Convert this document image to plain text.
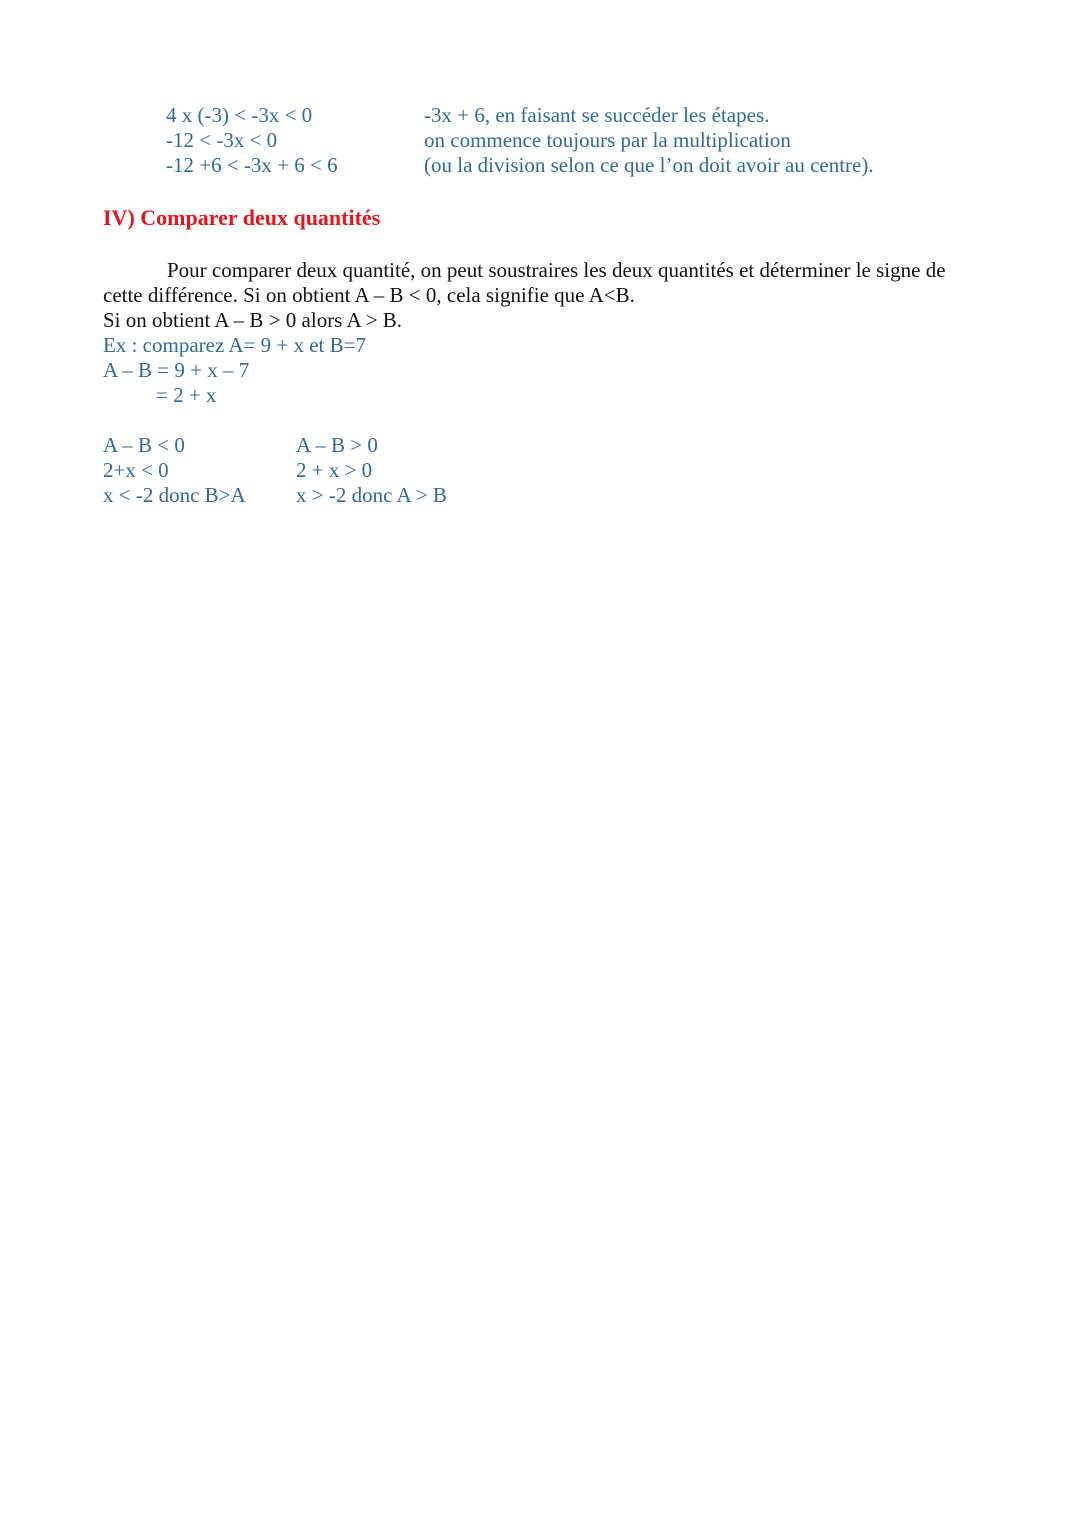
4 x (-3) < -3x < 0
-12 < -3x < 0
-12 +6 < -3x + 6 < 6
-3x + 6, en faisant se succéder les étapes.
on commence toujours par la multiplication
(ou la division selon ce que l’on doit avoir au centre).
IV) Comparer deux quantités
Pour comparer deux quantité, on peut soustraires les deux quantités et déterminer le signe de
cette différence. Si on obtient A – B < 0, cela signifie que A<B.
Si on obtient A – B > 0 alors A > B.
Ex : comparez A= 9 + x et B=7
A – B = 9 + x – 7
= 2 + x
A – B < 0
2+x < 0
x < -2 donc B>A
A – B > 0
2 + x > 0
x > -2 donc A > B
